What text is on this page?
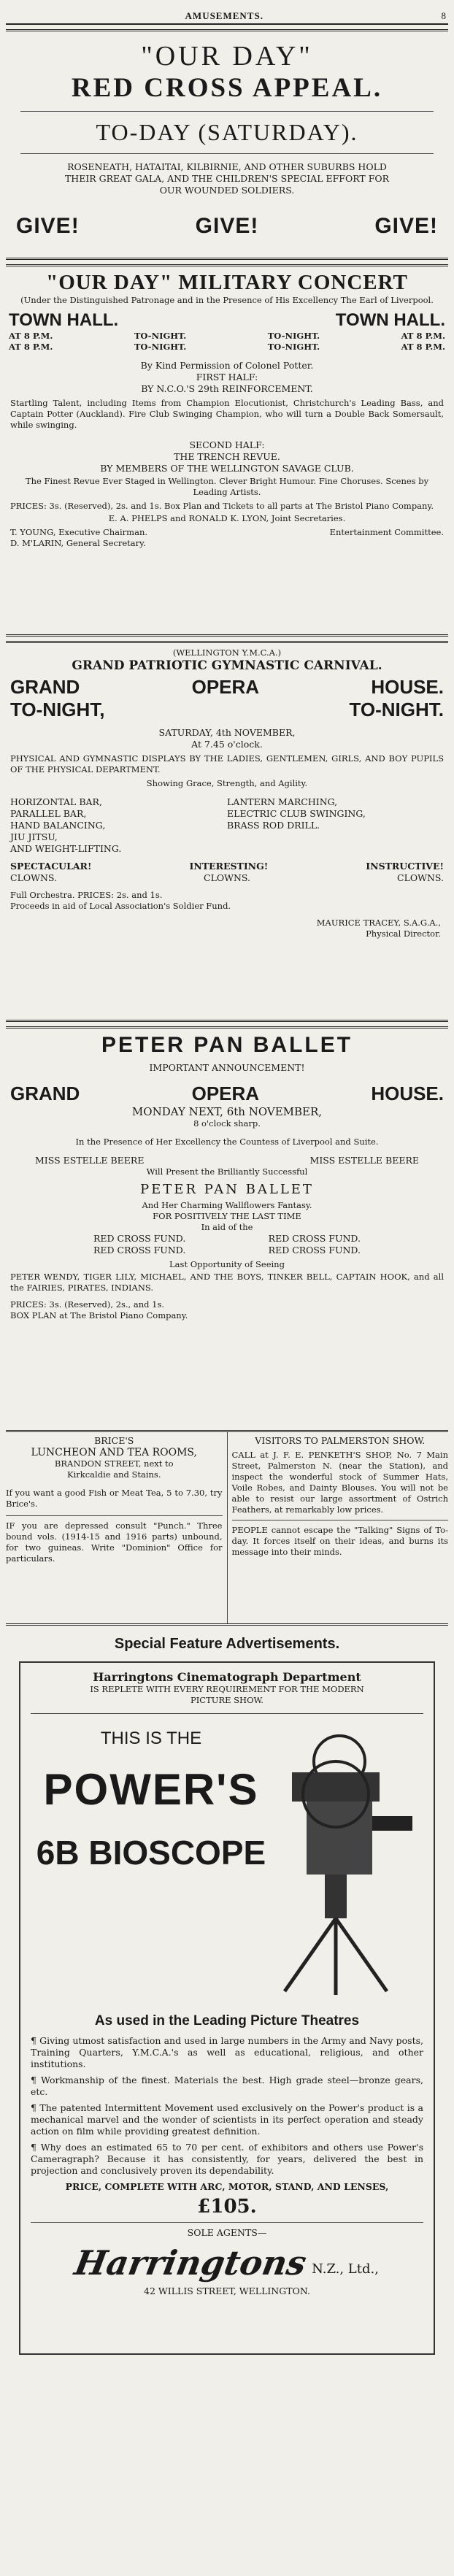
AMUSEMENTS.	8
"OUR DAY"
RED CROSS APPEAL.
TO-DAY (SATURDAY).
ROSENEATH, HATAITAI, KILBIRNIE, AND OTHER SUBURBS HOLD
THEIR GREAT GALA, AND THE CHILDREN'S SPECIAL EFFORT FOR
OUR WOUNDED SOLDIERS.
GIVE!	GIVE!	GIVE!
"OUR DAY" MILITARY CONCERT
(Under the Distinguished Patronage and in the Presence of His Excellency The Earl of Liverpool.
TOWN HALL.	TOWN HALL.
AT 8 P.M.	TO-NIGHT.	TO-NIGHT.	AT 8 P.M.
AT 8 P.M.	TO-NIGHT.	TO-NIGHT.	AT 8 P.M.
By Kind Permission of Colonel Potter.
FIRST HALF:
BY N.C.O.'S 29th REINFORCEMENT.
Startling Talent, including Items from Champion Elocutionist, Christchurch's Leading Bass, and Captain Potter (Auckland). Fire Club Swinging Champion, who will turn a Double Back Somersault, while swinging.
SECOND HALF:
THE TRENCH REVUE.
BY MEMBERS OF THE WELLINGTON SAVAGE CLUB.
The Finest Revue Ever Staged in Wellington. Clever Bright Humour. Fine Choruses. Scenes by Leading Artists.
PRICES: 3s. (Reserved), 2s. and 1s. Box Plan and Tickets to all parts at The Bristol Piano Company.
E. A. PHELPS and RONALD K. LYON, Joint Secretaries.
T. YOUNG, Executive Chairman.	Entertainment Committee.
D. M'LARIN, General Secretary.
(WELLINGTON Y.M.C.A.)
GRAND PATRIOTIC GYMNASTIC CARNIVAL.
GRAND	OPERA	HOUSE.
TO-NIGHT,	TO-NIGHT.
SATURDAY, 4th NOVEMBER,
At 7.45 o'clock.
PHYSICAL AND GYMNASTIC DISPLAYS BY THE LADIES, GENTLEMEN, GIRLS, AND BOY PUPILS OF THE PHYSICAL DEPARTMENT.
Showing Grace, Strength, and Agility.
HORIZONTAL BAR,
PARALLEL BAR,
HAND BALANCING,
JIU JITSU,
AND WEIGHT-LIFTING.
LANTERN MARCHING,
ELECTRIC CLUB SWINGING,
BRASS ROD DRILL.
SPECTACULAR!	INTERESTING!	INSTRUCTIVE!
CLOWNS.	CLOWNS.	CLOWNS.
Full Orchestra. PRICES: 2s. and 1s.
Proceeds in aid of Local Association's Soldier Fund.
MAURICE TRACEY, S.A.G.A.,
Physical Director.
PETER PAN BALLET
IMPORTANT ANNOUNCEMENT!
GRAND	OPERA	HOUSE.
MONDAY NEXT, 6th NOVEMBER,
8 o'clock sharp.
In the Presence of Her Excellency the Countess of Liverpool and Suite.
MISS ESTELLE BEERE	MISS ESTELLE BEERE
Will Present the Brilliantly Successful
PETER PAN BALLET
And Her Charming Wallflowers Fantasy.
FOR POSITIVELY THE LAST TIME
In aid of the
RED CROSS FUND.	RED CROSS FUND.
RED CROSS FUND.	RED CROSS FUND.
Last Opportunity of Seeing
PETER WENDY, TIGER LILY, MICHAEL, AND THE BOYS, TINKER BELL, CAPTAIN HOOK, and all the FAIRIES, PIRATES, INDIANS.
PRICES: 3s. (Reserved), 2s., and 1s.
BOX PLAN at The Bristol Piano Company.
BRICE'S
LUNCHEON AND TEA ROOMS,
BRANDON STREET, next to
Kirkcaldie and Stains.
If you want a good Fish or Meat Tea, 5 to 7.30, try Brice's.
IF you are depressed consult "Punch." Three bound vols. (1914-15 and 1916 parts) unbound, for two guineas. Write "Dominion" Office for particulars.
VISITORS TO PALMERSTON SHOW.
CALL at J. F. E. PENKETH'S SHOP, No. 7 Main Street, Palmerston N. (near the Station), and inspect the wonderful stock of Summer Hats, Voile Robes, and Dainty Blouses. You will not be able to resist our large assortment of Ostrich Feathers, at remarkably low prices.
PEOPLE cannot escape the "Talking" Signs of To-day. It forces itself on their ideas, and burns its message into their minds.
Special Feature Advertisements.
Harringtons Cinematograph Department
IS REPLETE WITH EVERY REQUIREMENT FOR THE MODERN PICTURE SHOW.
THIS IS THE
POWER'S
6B BIOSCOPE
As used in the Leading Picture Theatres
¶ Giving utmost satisfaction and used in large numbers in the Army and Navy posts, Training Quarters, Y.M.C.A.'s as well as educational, religious, and other institutions.
¶ Workmanship of the finest. Materials the best. High grade steel—bronze gears, etc.
¶ The patented Intermittent Movement used exclusively on the Power's product is a mechanical marvel and the wonder of scientists in its perfect operation and steady action on film while providing greatest definition.
¶ Why does an estimated 65 to 70 per cent. of exhibitors and others use Power's Cameragraph? Because it has consistently, for years, delivered the best in projection and conclusively proven its dependability.
PRICE, COMPLETE WITH ARC, MOTOR, STAND, AND LENSES,
£105.
SOLE AGENTS—
Harringtons N.Z., Ltd.,
42 WILLIS STREET, WELLINGTON.
